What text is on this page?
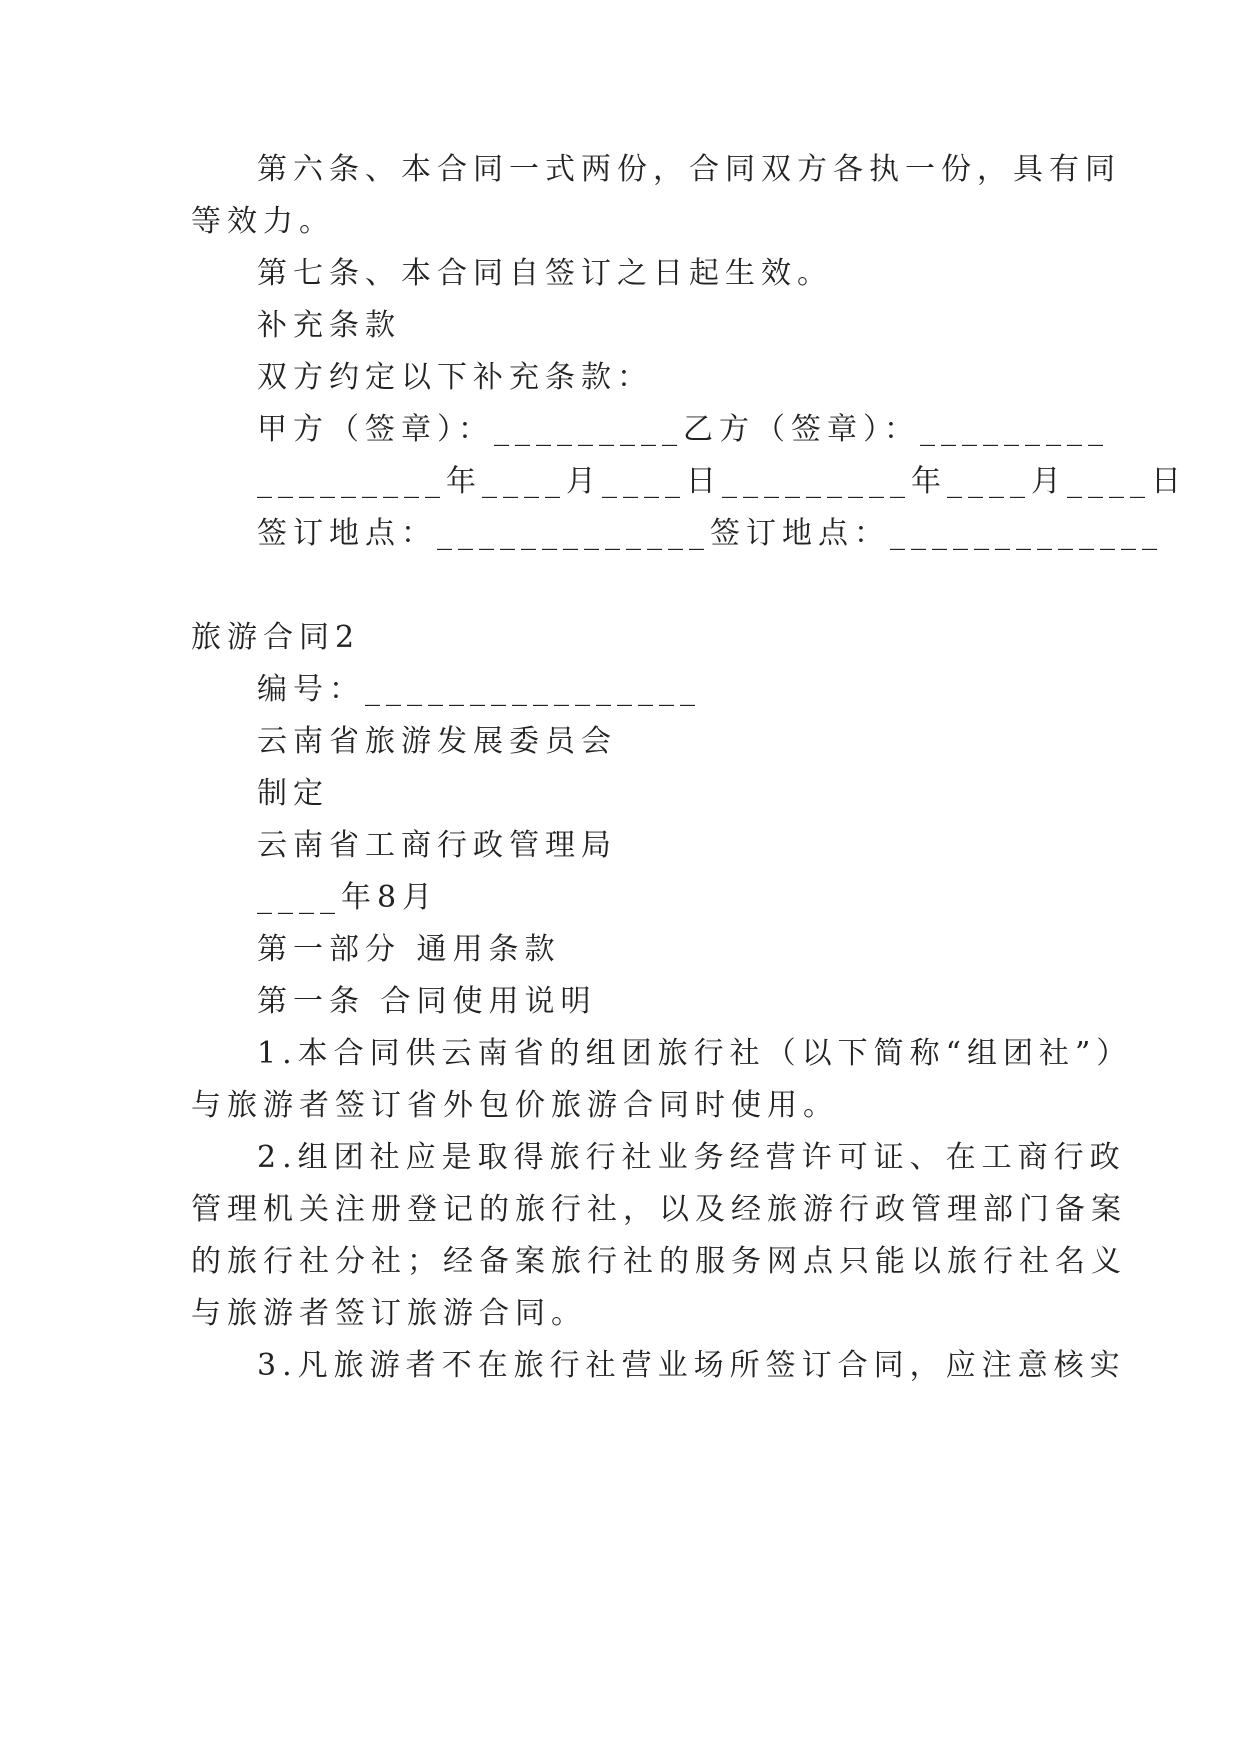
第六条、本合同一式两份，合同双方各执一份，具有同
等效力。
第七条、本合同自签订之日起生效。
补充条款
双方约定以下补充条款：
甲方（签章）：_________乙方（签章）：_________
_________年____月____日_________年____月____日
签订地点：_____________签订地点：_____________
旅游合同2
编号：________________
云南省旅游发展委员会
制定
云南省工商行政管理局
____年8月
第一部分 通用条款
第一条 合同使用说明
1.本合同供云南省的组团旅行社（以下简称“组团社”）
与旅游者签订省外包价旅游合同时使用。
2.组团社应是取得旅行社业务经营许可证、在工商行政
管理机关注册登记的旅行社，以及经旅游行政管理部门备案
的旅行社分社；经备案旅行社的服务网点只能以旅行社名义
与旅游者签订旅游合同。
3.凡旅游者不在旅行社营业场所签订合同，应注意核实
